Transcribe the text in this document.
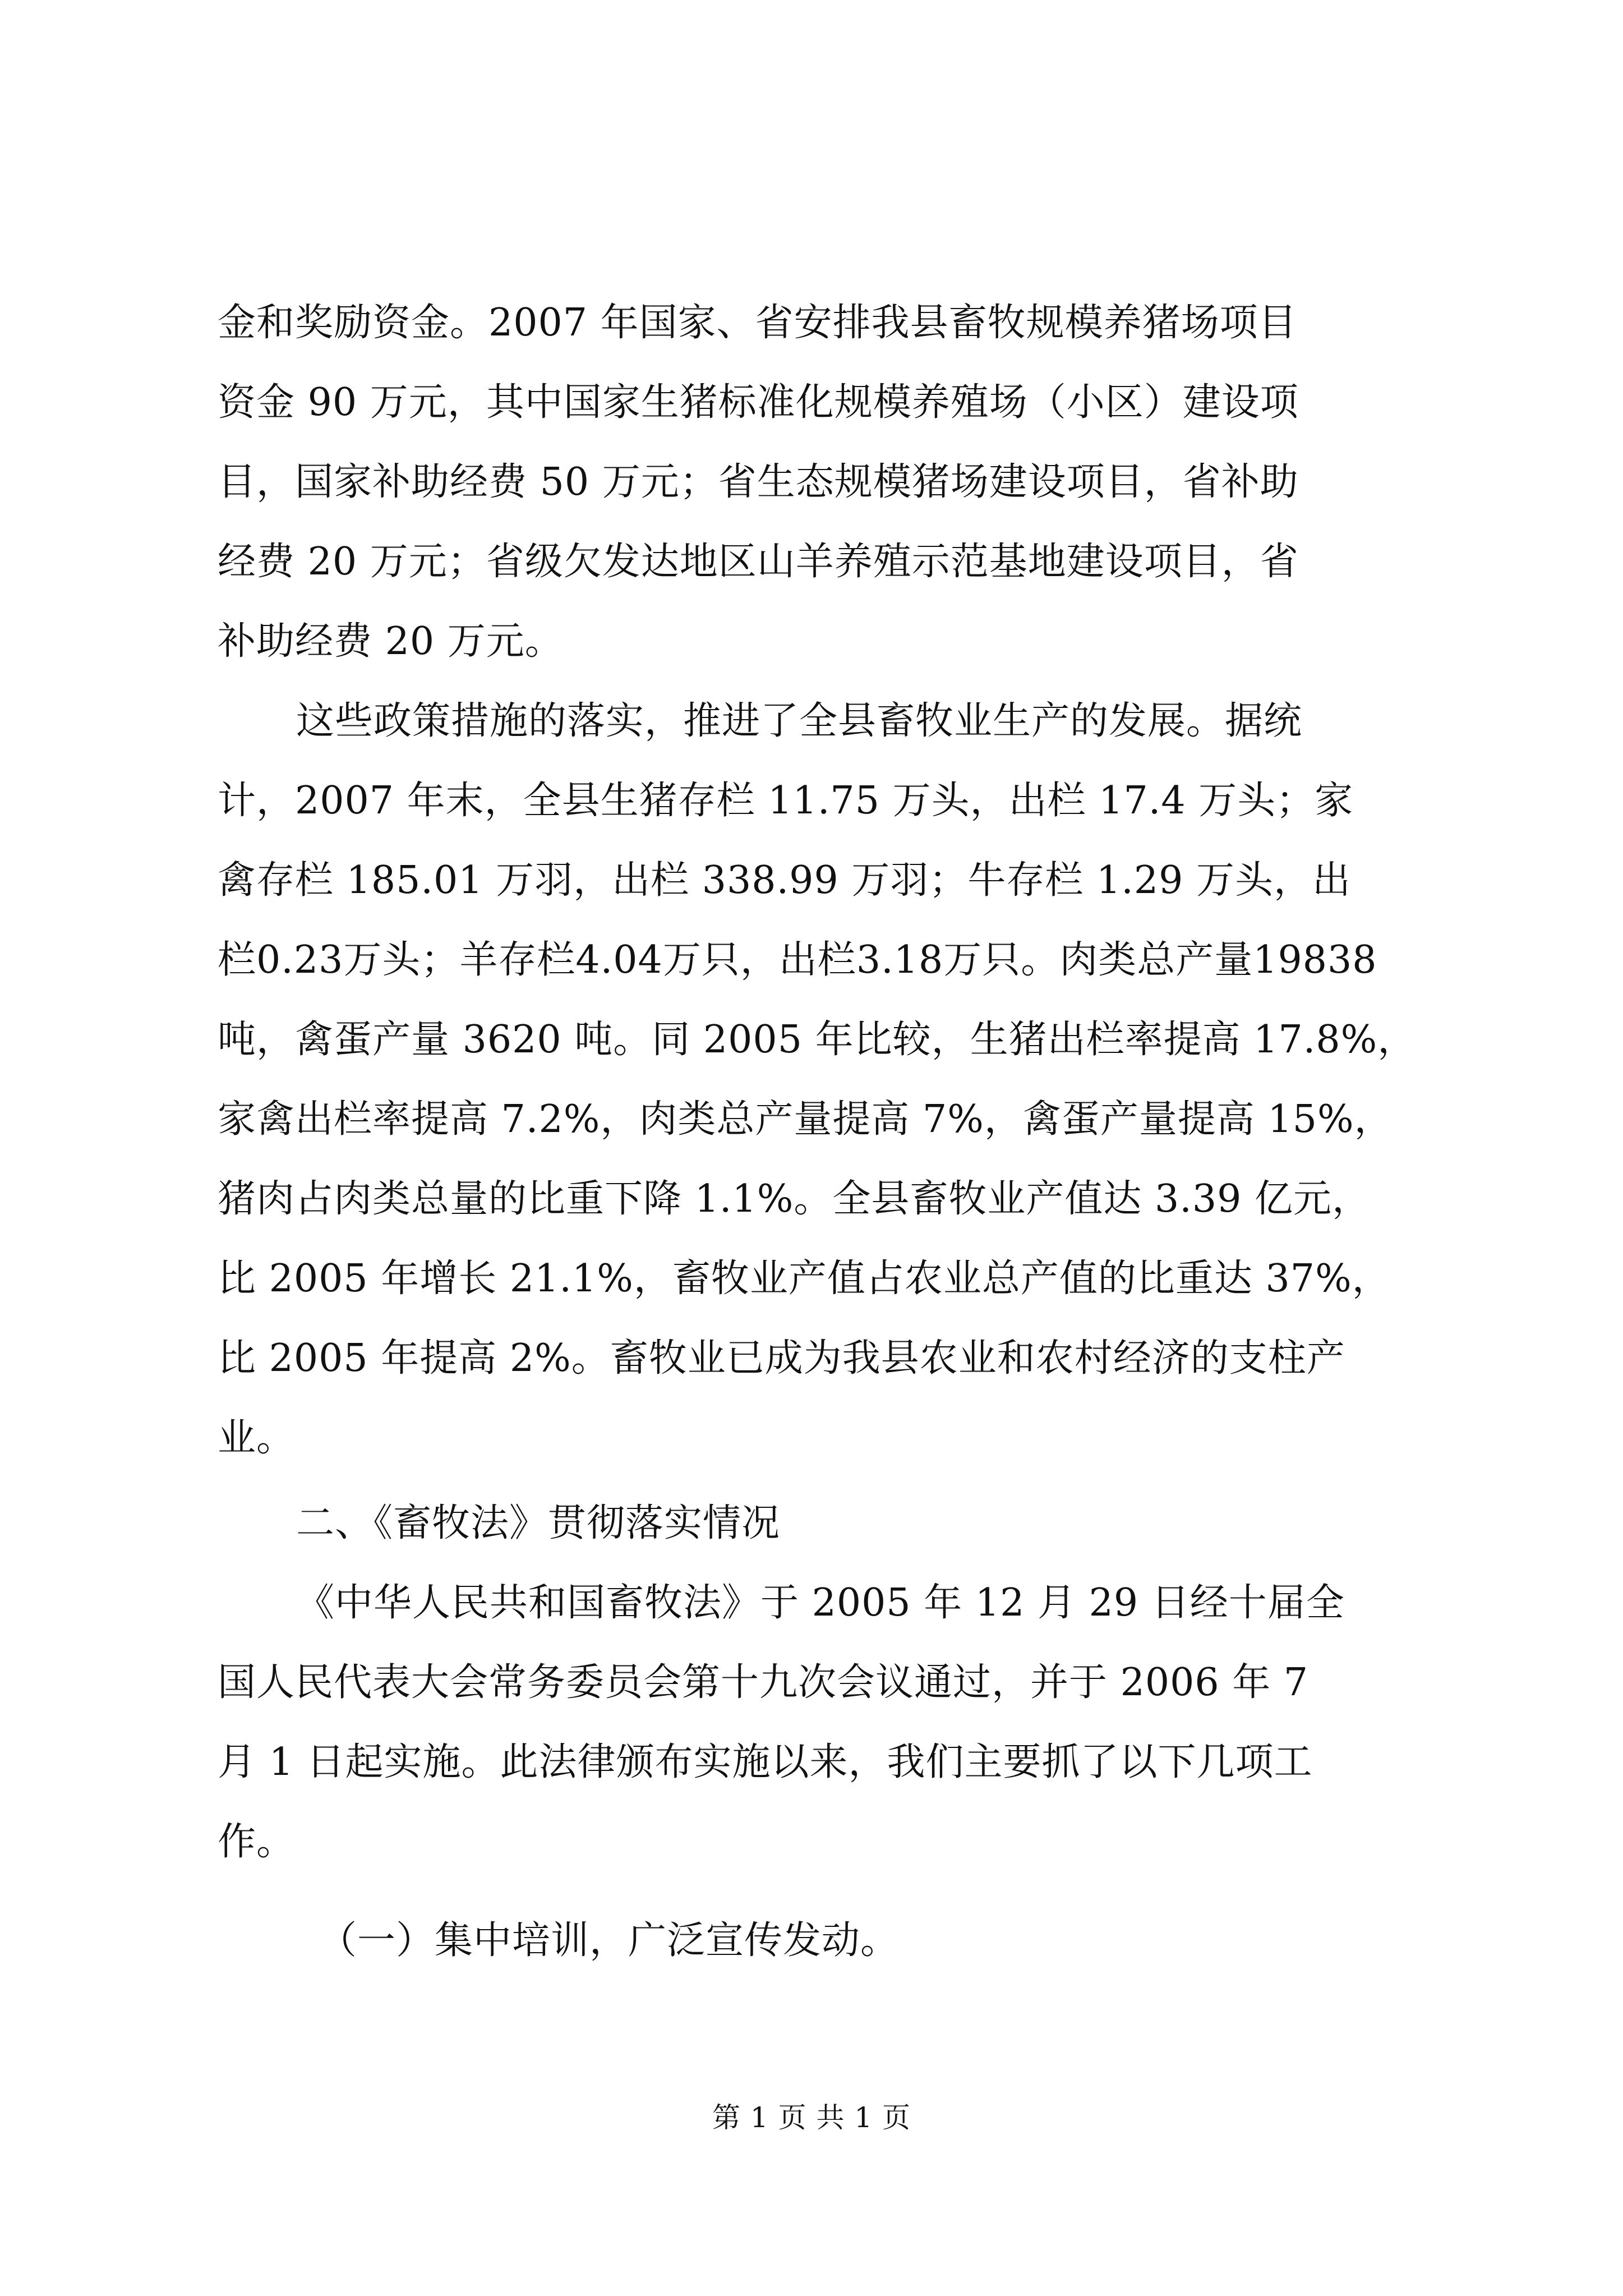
金和奖励资金。2007 年国家、省安排我县畜牧规模养猪场项目
资金 90 万元，其中国家生猪标准化规模养殖场（小区）建设项
目，国家补助经费 50 万元；省生态规模猪场建设项目，省补助
经费 20 万元；省级欠发达地区山羊养殖示范基地建设项目，省
补助经费 20 万元。
这些政策措施的落实，推进了全县畜牧业生产的发展。据统
计，2007 年末，全县生猪存栏 11.75 万头，出栏 17.4 万头；家
禽存栏 185.01 万羽，出栏 338.99 万羽；牛存栏 1.29 万头，出
栏0.23万头；羊存栏4.04万只，出栏3.18万只。肉类总产量19838
吨，禽蛋产量 3620 吨。同 2005 年比较，生猪出栏率提高 17.8%，
家禽出栏率提高 7.2%，肉类总产量提高 7%，禽蛋产量提高 15%，
猪肉占肉类总量的比重下降 1.1%。全县畜牧业产值达 3.39 亿元，
比 2005 年增长 21.1%，畜牧业产值占农业总产值的比重达 37%，
比 2005 年提高 2%。畜牧业已成为我县农业和农村经济的支柱产
业。
二、《畜牧法》贯彻落实情况
《中华人民共和国畜牧法》于 2005 年 12 月 29 日经十届全
国人民代表大会常务委员会第十九次会议通过，并于 2006 年 7
月 1 日起实施。此法律颁布实施以来，我们主要抓了以下几项工
作。
（一）集中培训，广泛宣传发动。
第 1 页 共 1 页
